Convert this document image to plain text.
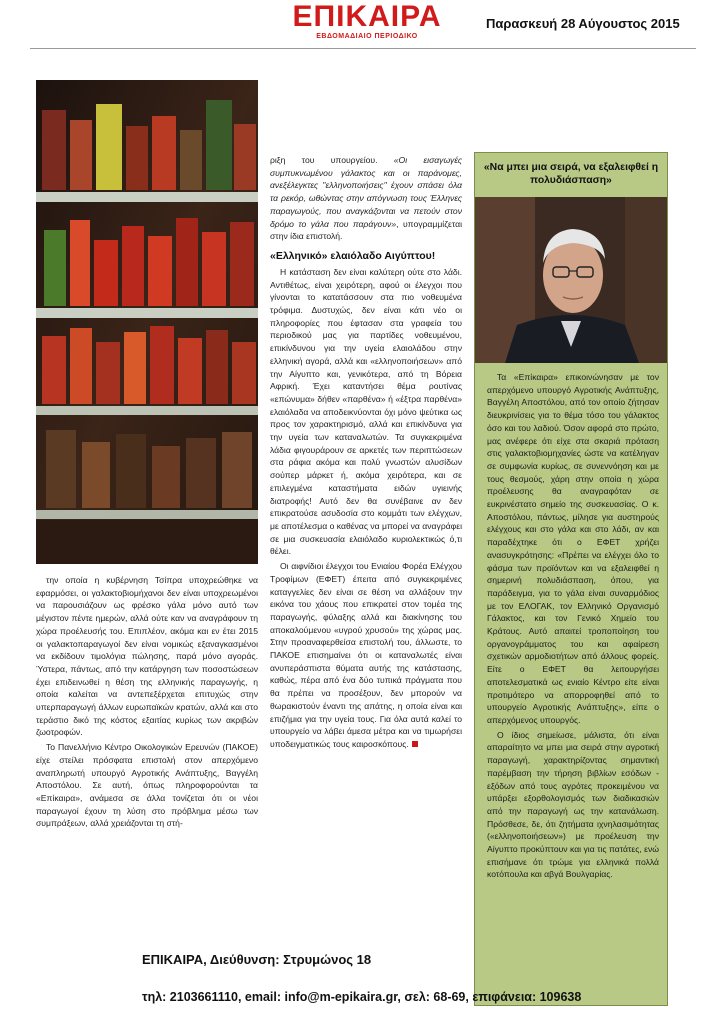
ΕΠΙΚΑΙΡΑ
ΕΒΔΟΜΑΔΙΑΙΟ ΠΕΡΙΟΔΙΚΟ
Παρασκευή 28 Αύγουστος 2015

την οποία η κυβέρνηση Τσίπρα υποχρεώθηκε να εφαρμόσει, οι γαλακτοβιομήχανοι δεν είναι υποχρεωμένοι να παρουσιάζουν ως φρέσκο γάλα μόνο αυτό των μέγιστον πέντε ημερών, αλλά ούτε καν να αναγράφουν τη χώρα προέλευσής του. Επιπλέον, ακόμα και εν έτει 2015 οι γαλακτοπαραγωγοί δεν είναι νομικώς εξαναγκασμένοι να εκδίδουν τιμολόγια πώλησης, παρά μόνο αγοράς. Ύστερα, πάντως, από την κατάργηση των ποσοστώσεων έχει επιδεινωθεί η θέση της ελληνικής παραγωγής, η οποία καλείται να αντεπεξέρχεται επιτυχώς στην υπερπαραγωγή άλλων ευρωπαϊκών κρατών, αλλά και στο τεράστιο δικό της κόστος εξαιτίας κυρίως των ακριβών ζωοτροφών.

Το Πανελλήνιο Κέντρο Οικολογικών Ερευνών (ΠΑΚΟΕ) είχε στείλει πρόσφατα επιστολή στον απερχόμενο αναπληρωτή υπουργό Αγροτικής Ανάπτυξης, Βαγγέλη Αποστόλου. Σε αυτή, όπως πληροφορούνται τα «Επίκαιρα», ανάμεσα σε άλλα τονίζεται ότι οι νέοι παραγωγοί έχουν τη λύση στο πρόβλημα μέσω των συμπράξεων, αλλά χρειάζονται τη στή-

ριξη του υπουργείου. «Οι εισαγωγές συμπυκνωμένου γάλακτος και οι παράνομες, ανεξέλεγκτες "ελληνοποιήσεις" έχουν σπάσει όλα τα ρεκόρ, ωθώντας στην απόγνωση τους Έλληνες παραγωγούς, που αναγκάζονται να πετούν στον δρόμο το γάλα που παράγουν», υπογραμμίζεται στην ίδια επιστολή.

«Ελληνικό» ελαιόλαδο Αιγύπτου!

Η κατάσταση δεν είναι καλύτερη ούτε στο λάδι. Αντιθέτως, είναι χειρότερη, αφού οι έλεγχοι που γίνονται το κατατάσσουν στα πιο νοθευμένα τρόφιμα. Δυστυχώς, δεν είναι κάτι νέο οι πληροφορίες που έφτασαν στα γραφεία του περιοδικού μας για παρτίδες νοθευμένου, επικίνδυνου για την υγεία ελαιολάδου στην ελληνική αγορά, αλλά και «ελληνοποιήσεων» από την Αίγυπτο και, γενικότερα, από τη Βόρεια Αφρική. Έχει καταντήσει θέμα ρουτίνας «επώνυμα» δήθεν «παρθένα» ή «έξτρα παρθένα» ελαιόλαδα να αποδεικνύονται όχι μόνο ψεύτικα ως προς τον χαρακτηρισμό, αλλά και επικίνδυνα για την υγεία των καταναλωτών. Τα συγκεκριμένα λάδια φιγουράρουν σε αρκετές των περιπτώσεων στα ράφια ακόμα και πολύ γνωστών αλυσίδων σούπερ μάρκετ ή, ακόμα χειρότερα, και σε επιλεγμένα καταστήματα ειδών υγιεινής διατροφής! Αυτό δεν θα συνέβαινε αν δεν επικρατούσε ασυδοσία στο κομμάτι των ελέγχων, με αποτέλεσμα ο καθένας να μπορεί να αναγράφει σε μια συσκευασία ελαιόλαδο κυριολεκτικώς ό,τι θέλει.

Οι αιφνίδιοι έλεγχοι του Ενιαίου Φορέα Ελέγχου Τροφίμων (ΕΦΕΤ) έπειτα από συγκεκριμένες καταγγελίες δεν είναι σε θέση να αλλάξουν την εικόνα του χάους που επικρατεί στον τομέα της παραγωγής, φύλαξης αλλά και διακίνησης του αποκαλούμενου «υγρού χρυσού» της χώρας μας. Στην προαναφερθείσα επιστολή του, άλλωστε, το ΠΑΚΟΕ επισημαίνει ότι οι καταναλωτές είναι ανυπεράσπιστα θύματα αυτής της κατάστασης, καθώς, πέρα από ένα δύο τυπικά πράγματα που θα πρέπει να προσέξουν, δεν μπορούν να θωρακιστούν έναντι της απάτης, η οποία είναι και επιζήμια για την υγεία τους. Για όλα αυτά καλεί το υπουργείο να λάβει άμεσα μέτρα και να τιμωρήσει υποδειγματικώς τους καιροσκόπους.

«Να μπει μια σειρά, να εξαλειφθεί η πολυδιάσπαση»

Τα «Επίκαιρα» επικοινώνησαν με τον απερχόμενο υπουργό Αγροτικής Ανάπτυξης, Βαγγέλη Αποστόλου, από τον οποίο ζήτησαν διευκρινίσεις για το θέμα τόσο του γάλακτος όσο και του λαδιού. Όσον αφορά στο πρώτο, μας ανέφερε ότι είχε στα σκαριά πρόταση στις γαλακτοβιομηχανίες ώστε να κατέληγαν σε συμφωνία κυρίως, σε συνεννόηση και με τους θεσμούς, χάρη στην οποία η χώρα προέλευσης θα αναγραφόταν σε ευκρινέστατο σημείο της συσκευασίας. Ο κ. Αποστόλου, πάντως, μίλησε για αυστηρούς ελέγχους και στο γάλα και στο λάδι, αν και παραδέχτηκε ότι ο ΕΦΕΤ χρήζει ανασυγκρότησης: «Πρέπει να ελέγχει όλο το φάσμα των προϊόντων και να εξαλειφθεί η σημερινή πολυδιάσπαση, όπου, για παράδειγμα, για το γάλα είναι συναρμόδιος με τον ΕΛΟΓΑΚ, τον Ελληνικό Οργανισμό Γάλακτος, και τον Γενικό Χημείο του Κράτους. Αυτό απαιτεί τροποποίηση του οργανογράμματος του και αφαίρεση σχετικών αρμοδιοτήτων από άλλους φορείς. Είτε ο ΕΦΕΤ θα λειτουργήσει αποτελεσματικά ως ενιαίο Κέντρο είτε είναι προτιμότερο να απορροφηθεί από το υπουργείο Αγροτικής Ανάπτυξης», είπε ο απερχόμενος υπουργός.

Ο ίδιος σημείωσε, μάλιστα, ότι είναι απαραίτητο να μπει μια σειρά στην αγροτική παραγωγή, χαρακτηρίζοντας σημαντική παρέμβαση την τήρηση βιβλίων εσόδων - εξόδων από τους αγρότες προκειμένου να υπάρξει εξορθολογισμός των διαδικασιών από την παραγωγή ως την κατανάλωση. Πρόσθεσε, δε, ότι ζητήματα ιχνηλασιμότητας («ελληνοποιήσεων») με προέλευση την Αίγυπτο προκύπτουν και για τις πατάτες, ενώ επισήμανε ότι τρώμε για ελληνικά πολλά κοτόπουλα και αβγά Βουλγαρίας.

ΕΠΙΚΑΙΡΑ, Διεύθυνση: Στρυμώνος 18
τηλ: 2103661110, email: info@m-epikaira.gr, σελ: 68-69, επιφάνεια: 109638
